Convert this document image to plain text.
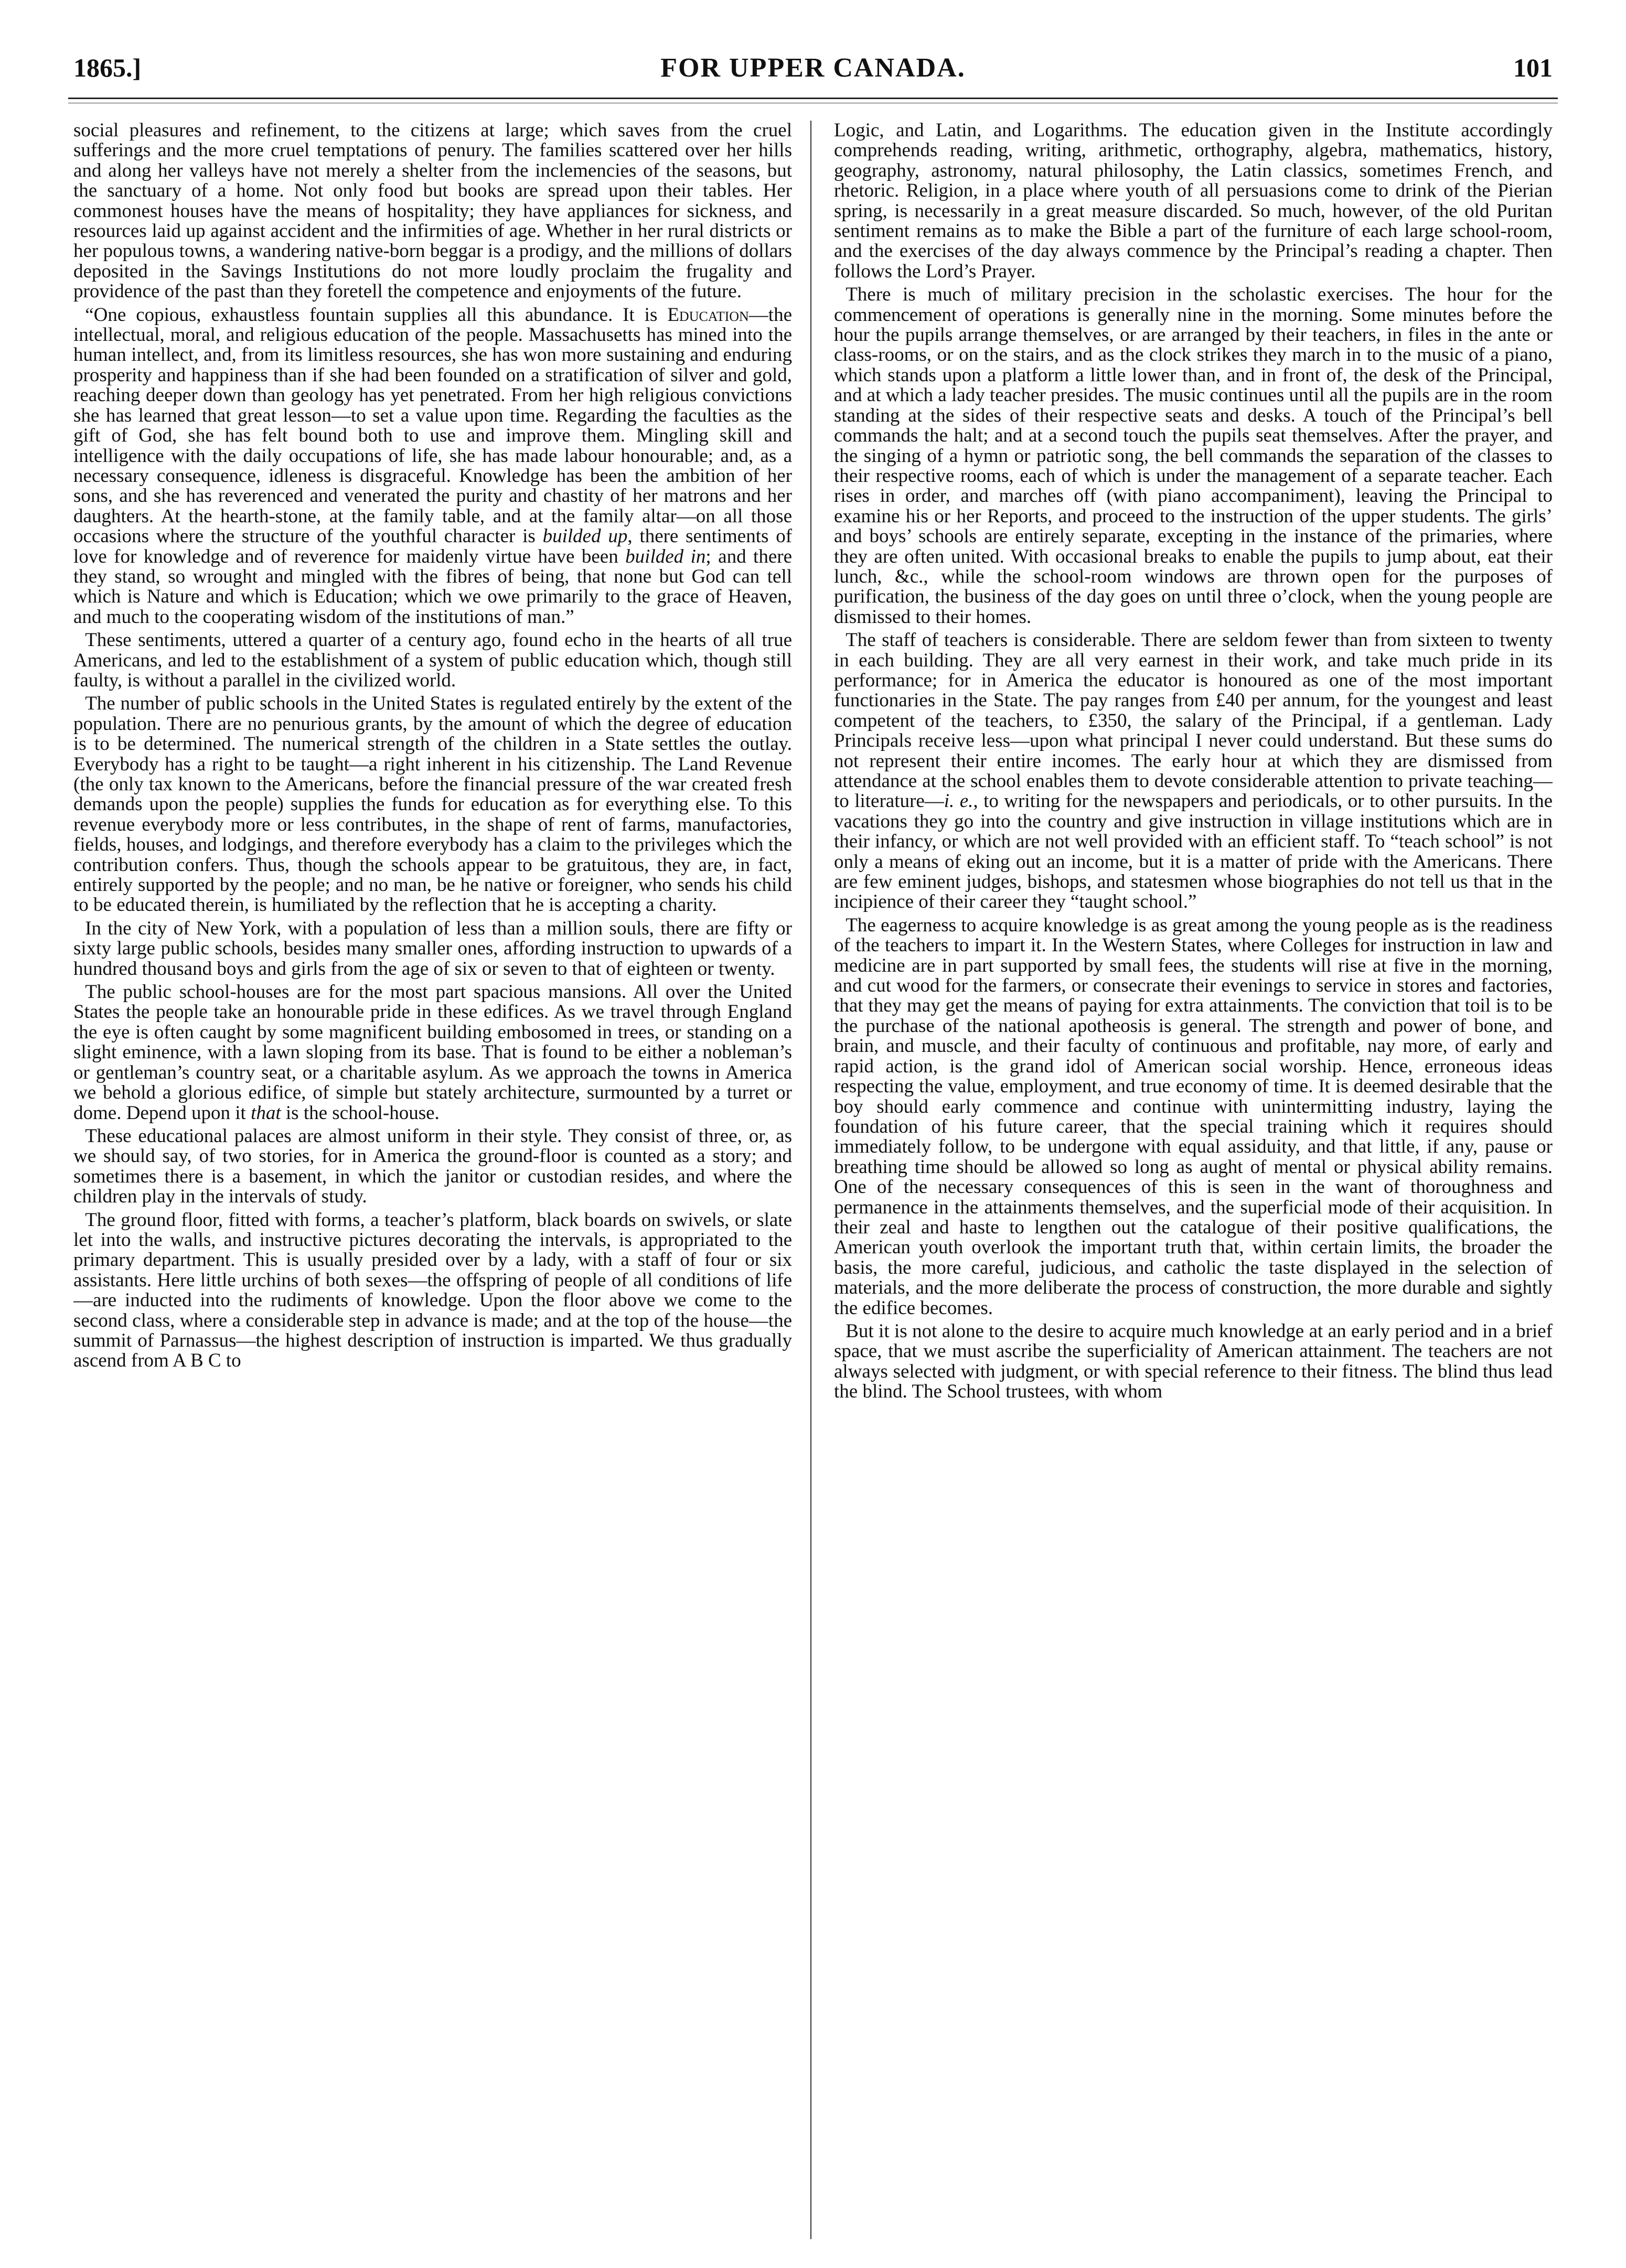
1865.]	FOR UPPER CANADA.	101

social pleasures and refinement, to the citizens at large; which saves from the cruel sufferings and the more cruel temptations of penury. The families scattered over her hills and along her valleys have not merely a shelter from the inclemencies of the seasons, but the sanctuary of a home. Not only food but books are spread upon their tables. Her commonest houses have the means of hospitality; they have appliances for sickness, and resources laid up against accident and the infirmities of age. Whether in her rural districts or her populous towns, a wandering native-born beggar is a prodigy, and the millions of dollars deposited in the Savings Institutions do not more loudly proclaim the frugality and providence of the past than they foretell the competence and enjoyments of the future.

“One copious, exhaustless fountain supplies all this abundance. It is Education—the intellectual, moral, and religious education of the people. Massachusetts has mined into the human intellect, and, from its limitless resources, she has won more sustaining and enduring prosperity and happiness than if she had been founded on a stratification of silver and gold, reaching deeper down than geology has yet penetrated. From her high religious convictions she has learned that great lesson—to set a value upon time. Regarding the faculties as the gift of God, she has felt bound both to use and improve them. Mingling skill and intelligence with the daily occupations of life, she has made labour honourable; and, as a necessary consequence, idleness is disgraceful. Knowledge has been the ambition of her sons, and she has reverenced and venerated the purity and chastity of her matrons and her daughters. At the hearth-stone, at the family table, and at the family altar—on all those occasions where the structure of the youthful character is builded up, there sentiments of love for knowledge and of reverence for maidenly virtue have been builded in; and there they stand, so wrought and mingled with the fibres of being, that none but God can tell which is Nature and which is Education; which we owe primarily to the grace of Heaven, and much to the cooperating wisdom of the institutions of man.”

These sentiments, uttered a quarter of a century ago, found echo in the hearts of all true Americans, and led to the establishment of a system of public education which, though still faulty, is without a parallel in the civilized world.

The number of public schools in the United States is regulated entirely by the extent of the population. There are no penurious grants, by the amount of which the degree of education is to be determined. The numerical strength of the children in a State settles the outlay. Everybody has a right to be taught—a right inherent in his citizenship. The Land Revenue (the only tax known to the Americans, before the financial pressure of the war created fresh demands upon the people) supplies the funds for education as for everything else. To this revenue everybody more or less contributes, in the shape of rent of farms, manufactories, fields, houses, and lodgings, and therefore everybody has a claim to the privileges which the contribution confers. Thus, though the schools appear to be gratuitous, they are, in fact, entirely supported by the people; and no man, be he native or foreigner, who sends his child to be educated therein, is humiliated by the reflection that he is accepting a charity.

In the city of New York, with a population of less than a million souls, there are fifty or sixty large public schools, besides many smaller ones, affording instruction to upwards of a hundred thousand boys and girls from the age of six or seven to that of eighteen or twenty.

The public school-houses are for the most part spacious mansions. All over the United States the people take an honourable pride in these edifices. As we travel through England the eye is often caught by some magnificent building embosomed in trees, or standing on a slight eminence, with a lawn sloping from its base. That is found to be either a nobleman’s or gentleman’s country seat, or a charitable asylum. As we approach the towns in America we behold a glorious edifice, of simple but stately architecture, surmounted by a turret or dome. Depend upon it that is the school-house.

These educational palaces are almost uniform in their style. They consist of three, or, as we should say, of two stories, for in America the ground-floor is counted as a story; and sometimes there is a basement, in which the janitor or custodian resides, and where the children play in the intervals of study.

The ground floor, fitted with forms, a teacher’s platform, black boards on swivels, or slate let into the walls, and instructive pictures decorating the intervals, is appropriated to the primary department. This is usually presided over by a lady, with a staff of four or six assistants. Here little urchins of both sexes—the offspring of people of all conditions of life—are inducted into the rudiments of knowledge. Upon the floor above we come to the second class, where a considerable step in advance is made; and at the top of the house—the summit of Parnassus—the highest description of instruction is imparted. We thus gradually ascend from A B C to

Logic, and Latin, and Logarithms. The education given in the Institute accordingly comprehends reading, writing, arithmetic, orthography, algebra, mathematics, history, geography, astronomy, natural philosophy, the Latin classics, sometimes French, and rhetoric. Religion, in a place where youth of all persuasions come to drink of the Pierian spring, is necessarily in a great measure discarded. So much, however, of the old Puritan sentiment remains as to make the Bible a part of the furniture of each large school-room, and the exercises of the day always commence by the Principal’s reading a chapter. Then follows the Lord’s Prayer.

There is much of military precision in the scholastic exercises. The hour for the commencement of operations is generally nine in the morning. Some minutes before the hour the pupils arrange themselves, or are arranged by their teachers, in files in the ante or class-rooms, or on the stairs, and as the clock strikes they march in to the music of a piano, which stands upon a platform a little lower than, and in front of, the desk of the Principal, and at which a lady teacher presides. The music continues until all the pupils are in the room standing at the sides of their respective seats and desks. A touch of the Principal’s bell commands the halt; and at a second touch the pupils seat themselves. After the prayer, and the singing of a hymn or patriotic song, the bell commands the separation of the classes to their respective rooms, each of which is under the management of a separate teacher. Each rises in order, and marches off (with piano accompaniment), leaving the Principal to examine his or her Reports, and proceed to the instruction of the upper students. The girls’ and boys’ schools are entirely separate, excepting in the instance of the primaries, where they are often united. With occasional breaks to enable the pupils to jump about, eat their lunch, &c., while the school-room windows are thrown open for the purposes of purification, the business of the day goes on until three o’clock, when the young people are dismissed to their homes.

The staff of teachers is considerable. There are seldom fewer than from sixteen to twenty in each building. They are all very earnest in their work, and take much pride in its performance; for in America the educator is honoured as one of the most important functionaries in the State. The pay ranges from £40 per annum, for the youngest and least competent of the teachers, to £350, the salary of the Principal, if a gentleman. Lady Principals receive less—upon what principal I never could understand. But these sums do not represent their entire incomes. The early hour at which they are dismissed from attendance at the school enables them to devote considerable attention to private teaching—to literature—i. e., to writing for the newspapers and periodicals, or to other pursuits. In the vacations they go into the country and give instruction in village institutions which are in their infancy, or which are not well provided with an efficient staff. To “teach school” is not only a means of eking out an income, but it is a matter of pride with the Americans. There are few eminent judges, bishops, and statesmen whose biographies do not tell us that in the incipience of their career they “taught school.”

The eagerness to acquire knowledge is as great among the young people as is the readiness of the teachers to impart it. In the Western States, where Colleges for instruction in law and medicine are in part supported by small fees, the students will rise at five in the morning, and cut wood for the farmers, or consecrate their evenings to service in stores and factories, that they may get the means of paying for extra attainments. The conviction that toil is to be the purchase of the national apotheosis is general. The strength and power of bone, and brain, and muscle, and their faculty of continuous and profitable, nay more, of early and rapid action, is the grand idol of American social worship. Hence, erroneous ideas respecting the value, employment, and true economy of time. It is deemed desirable that the boy should early commence and continue with unintermitting industry, laying the foundation of his future career, that the special training which it requires should immediately follow, to be undergone with equal assiduity, and that little, if any, pause or breathing time should be allowed so long as aught of mental or physical ability remains. One of the necessary consequences of this is seen in the want of thoroughness and permanence in the attainments themselves, and the superficial mode of their acquisition. In their zeal and haste to lengthen out the catalogue of their positive qualifications, the American youth overlook the important truth that, within certain limits, the broader the basis, the more careful, judicious, and catholic the taste displayed in the selection of materials, and the more deliberate the process of construction, the more durable and sightly the edifice becomes.

But it is not alone to the desire to acquire much knowledge at an early period and in a brief space, that we must ascribe the superficiality of American attainment. The teachers are not always selected with judgment, or with special reference to their fitness. The blind thus lead the blind. The School trustees, with whom
